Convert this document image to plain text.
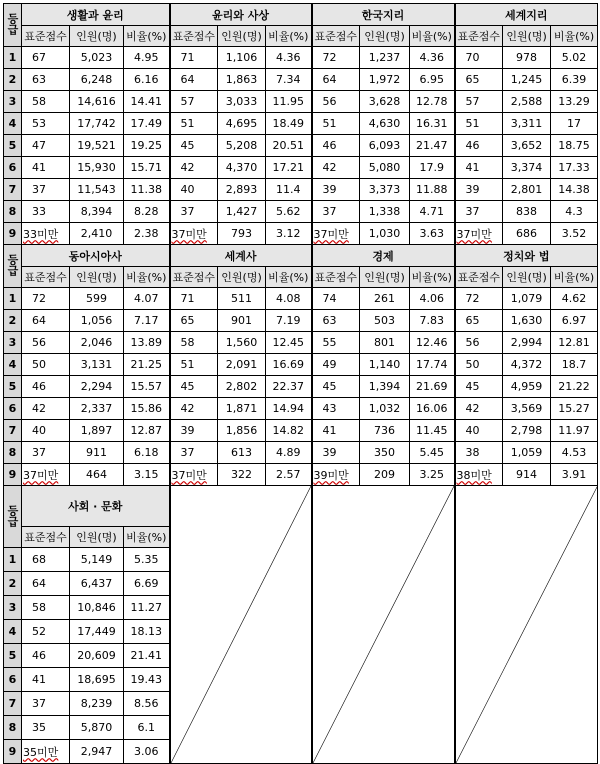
등급	생활과 윤리			윤리와 사상			한국지리			세계지리		
	표준점수	인원(명)	비율(%)	표준점수	인원(명)	비율(%)	표준점수	인원(명)	비율(%)	표준점수	인원(명)	비율(%)
1	67	5,023	4.95	71	1,106	4.36	72	1,237	4.36	70	978	5.02
2	63	6,248	6.16	64	1,863	7.34	64	1,972	6.95	65	1,245	6.39
3	58	14,616	14.41	57	3,033	11.95	56	3,628	12.78	57	2,588	13.29
4	53	17,742	17.49	51	4,695	18.49	51	4,630	16.31	51	3,311	17
5	47	19,521	19.25	45	5,208	20.51	46	6,093	21.47	46	3,652	18.75
6	41	15,930	15.71	42	4,370	17.21	42	5,080	17.9	41	3,374	17.33
7	37	11,543	11.38	40	2,893	11.4	39	3,373	11.88	39	2,801	14.38
8	33	8,394	8.28	37	1,427	5.62	37	1,338	4.71	37	838	4.3
9	33미만	2,410	2.38	37미만	793	3.12	37미만	1,030	3.63	37미만	686	3.52
등급	동아시아사			세계사			경제			정치와 법		
	표준점수	인원(명)	비율(%)	표준점수	인원(명)	비율(%)	표준점수	인원(명)	비율(%)	표준점수	인원(명)	비율(%)
1	72	599	4.07	71	511	4.08	74	261	4.06	72	1,079	4.62
2	64	1,056	7.17	65	901	7.19	63	503	7.83	65	1,630	6.97
3	56	2,046	13.89	58	1,560	12.45	55	801	12.46	56	2,994	12.81
4	50	3,131	21.25	51	2,091	16.69	49	1,140	17.74	50	4,372	18.7
5	46	2,294	15.57	45	2,802	22.37	45	1,394	21.69	45	4,959	21.22
6	42	2,337	15.86	42	1,871	14.94	43	1,032	16.06	42	3,569	15.27
7	40	1,897	12.87	39	1,856	14.82	41	736	11.45	40	2,798	11.97
8	37	911	6.18	37	613	4.89	39	350	5.45	38	1,059	4.53
9	37미만	464	3.15	37미만	322	2.57	39미만	209	3.25	38미만	914	3.91
등급	사회 · 문화	

	표준점수	인원(명)	비율(%)									
1	68	5,149	5.35									
2	64	6,437	6.69									
3	58	10,846	11.27									
4	52	17,449	18.13									
5	46	20,609	21.41									
6	41	18,695	19.43									
7	37	8,239	8.56									
8	35	5,870	6.1									
9	35미만	2,947	3.06									
